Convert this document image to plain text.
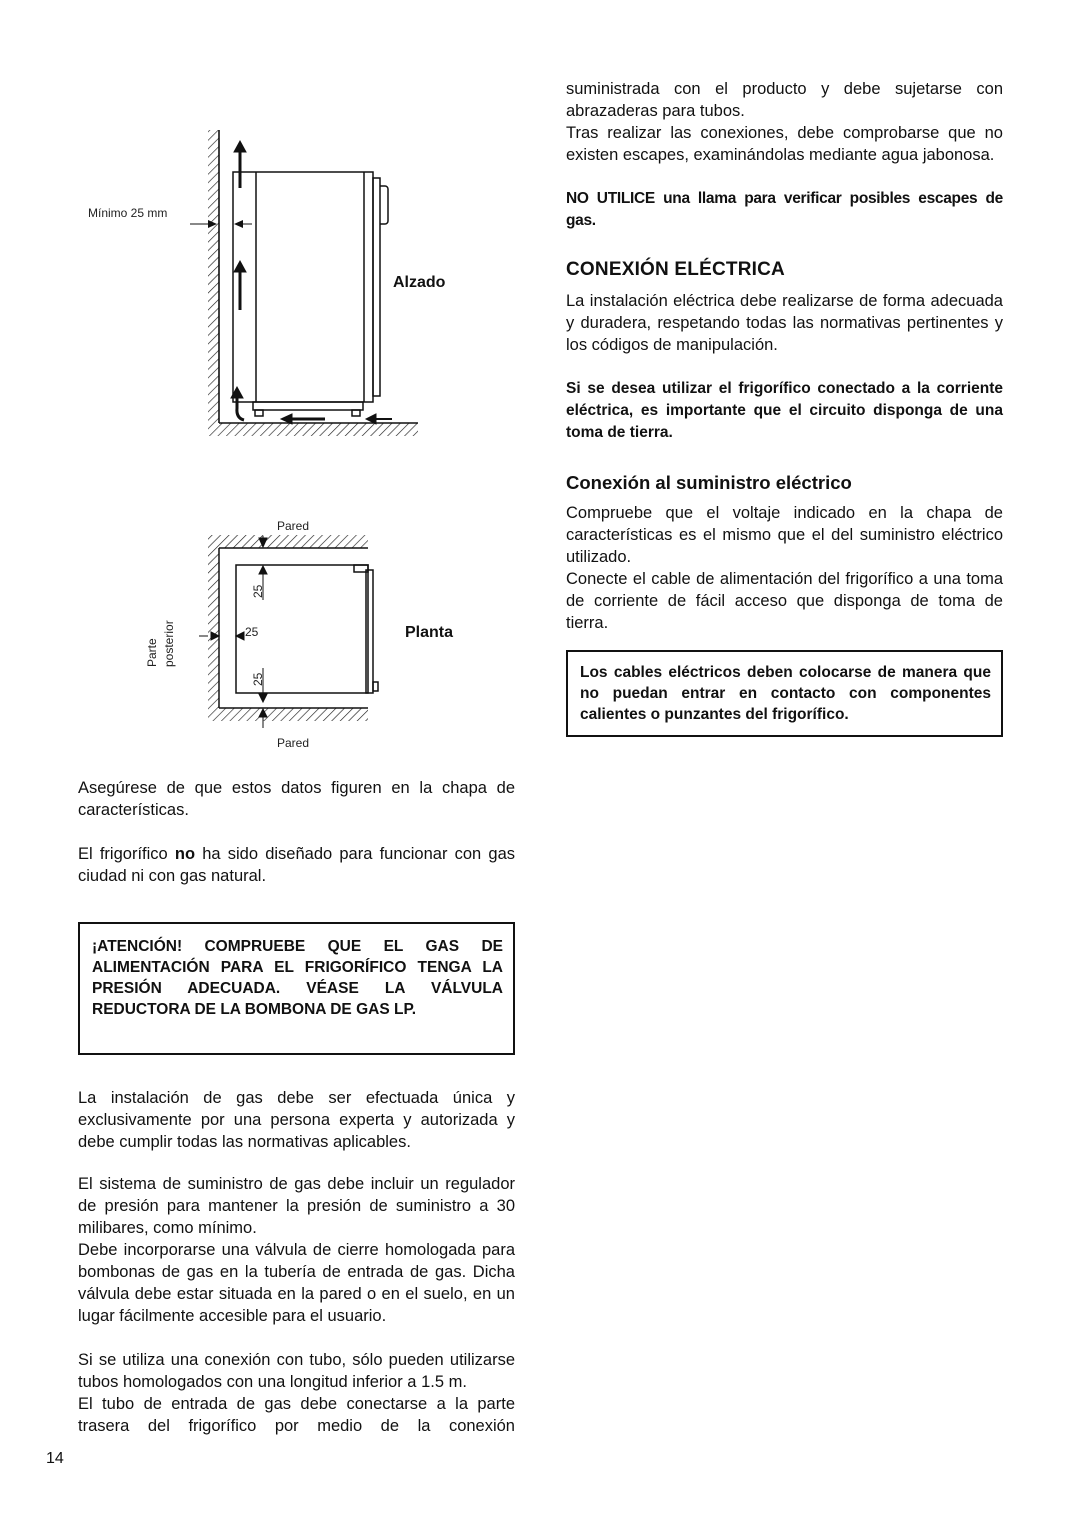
Mínimo 25 mm
Alzado
25
25
25
Pared
Pared
Parte posterior	Planta

Asegúrese de que estos datos figuren en la chapa de características.

El frigorífico no ha sido diseñado para funcionar con gas ciudad ni con gas natural.

¡ATENCIÓN! COMPRUEBE QUE EL GAS DE ALIMENTACIÓN PARA EL FRIGORÍFICO TENGA LA PRESIÓN ADECUADA. VÉASE LA VÁLVULA REDUCTORA DE LA BOMBONA DE GAS LP.

La instalación de gas debe ser efectuada única y exclusivamente por una persona experta y autorizada y debe cumplir todas las normativas aplicables.

El sistema de suministro de gas debe incluir un regulador de presión para mantener la presión de suministro a 30 milibares, como mínimo.

Debe incorporarse una válvula de cierre homologada para bombonas de gas en la tubería de entrada de gas. Dicha válvula debe estar situada en la pared o en el suelo, en un lugar fácilmente accesible para el usuario.

Si se utiliza una conexión con tubo, sólo pueden utilizarse tubos homologados con una longitud inferior a 1.5 m.

El tubo de entrada de gas debe conectarse a la parte trasera del frigorífico por medio de la conexión

suministrada con el producto y debe sujetarse con abrazaderas para tubos.

Tras realizar las conexiones, debe comprobarse que no existen escapes, examinándolas mediante agua jabonosa.

NO UTILICE una llama para verificar posibles escapes de gas.

CONEXIÓN ELÉCTRICA

La instalación eléctrica debe realizarse de forma adecuada y duradera, respetando todas las normativas pertinentes y los códigos de manipulación.

Si se desea utilizar el frigorífico conectado a la corriente eléctrica, es importante que el circuito disponga de una toma de tierra.

Conexión al suministro eléctrico

Compruebe que el voltaje indicado en la chapa de características es el mismo que el del suministro eléctrico utilizado.

Conecte el cable de alimentación del frigorífico a una toma de corriente de fácil acceso que disponga de toma de tierra.

Los cables eléctricos deben colocarse de manera que no puedan entrar en contacto con componentes calientes o punzantes del frigorífico.
14
